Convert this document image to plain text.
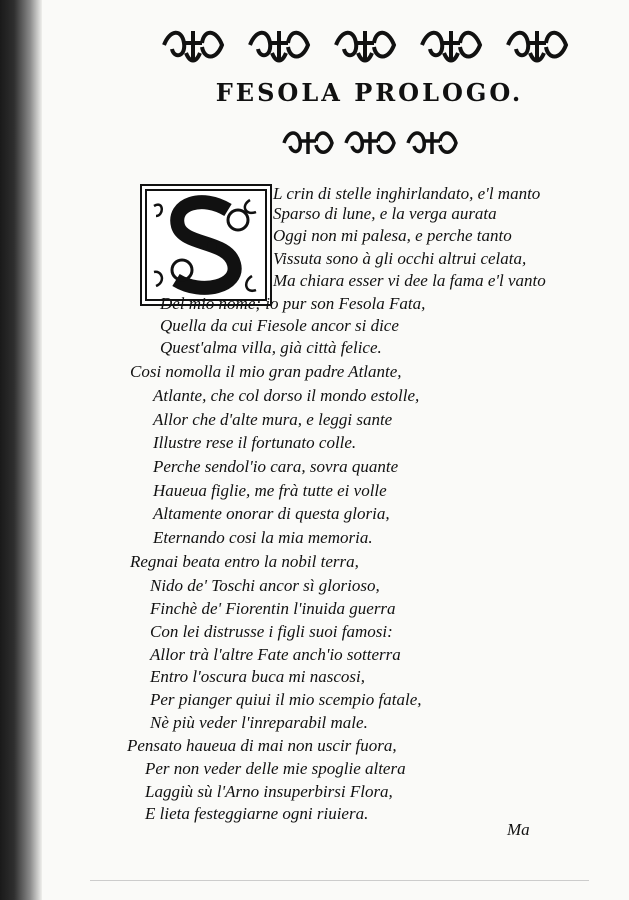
FESOLA PROLOGO.
L crin di stelle inghirlandato, e'l manto
Sparso di lune, e la verga aurata
Oggi non mi palesa, e perche tanto
Vissuta sono à gli occhi altrui celata,
Ma chiara esser vi dee la fama e'l vanto
Del mio nome; io pur son Fesola Fata,
Quella da cui Fiesole ancor si dice
Quest'alma villa, già città felice.
Cosi nomolla il mio gran padre Atlante,
Atlante, che col dorso il mondo estolle,
Allor che d'alte mura, e leggi sante
Illustre rese il fortunato colle.
Perche sendol'io cara, sovra quante
Haueua figlie, me frà tutte ei volle
Altamente onorar di questa gloria,
Eternando cosi la mia memoria.
Regnai beata entro la nobil terra,
Nido de' Toschi ancor sì glorioso,
Finchè de' Fiorentin l'inuida guerra
Con lei distrusse i figli suoi famosi:
Allor trà l'altre Fate anch'io sotterra
Entro l'oscura buca mi nascosi,
Per pianger quiui il mio scempio fatale,
Nè più veder l'inreparabil male.
Pensato haueua di mai non uscir fuora,
Per non veder delle mie spoglie altera
Laggiù sù l'Arno insuperbirsi Flora,
E lieta festeggiarne ogni riuiera.
Ma
